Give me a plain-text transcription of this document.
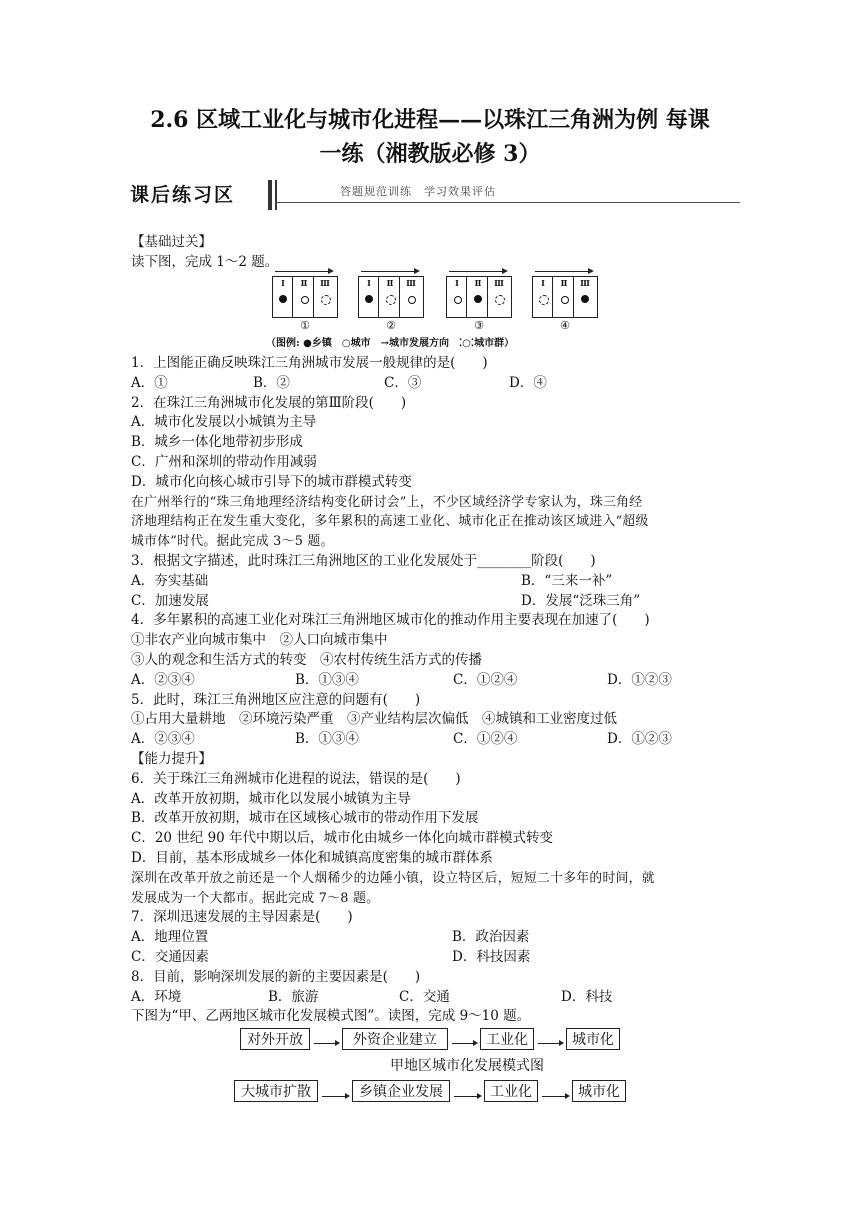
2.6 区域工业化与城市化进程——以珠江三角洲为例 每课
一练（湘教版必修 3）
课后练习区	答题规范训练　学习效果评估
【基础过关】
读下图，完成 1～2 题。
Ⅰ	Ⅱ	Ⅲ
①
Ⅰ	Ⅱ	Ⅲ
②
Ⅰ	Ⅱ	Ⅲ
③
Ⅰ	Ⅱ	Ⅲ
④
（图例: ●乡镇　○城市　→城市发展方向　⁚○⁚城市群）
1．上图能正确反映珠江三角洲城市发展一般规律的是(　　)
A．①	B．②	C．③	D．④
2．在珠江三角洲城市化发展的第Ⅲ阶段(　　)
A．城市化发展以小城镇为主导
B．城乡一体化地带初步形成
C．广州和深圳的带动作用减弱
D．城市化向核心城市引导下的城市群模式转变
在广州举行的“珠三角地理经济结构变化研讨会”上，不少区域经济学专家认为，珠三角经
济地理结构正在发生重大变化，多年累积的高速工业化、城市化正在推动该区域进入“超级
城市体”时代。据此完成 3～5 题。
3．根据文字描述，此时珠江三角洲地区的工业化发展处于________阶段(　　)
A．夯实基础	B．“三来一补”
C．加速发展	D．发展“泛珠三角”
4．多年累积的高速工业化对珠江三角洲地区城市化的推动作用主要表现在加速了(　　)
①非农产业向城市集中　②人口向城市集中
③人的观念和生活方式的转变　④农村传统生活方式的传播
A．②③④	B．①③④	C．①②④	D．①②③
5．此时，珠江三角洲地区应注意的问题有(　　)
①占用大量耕地　②环境污染严重　③产业结构层次偏低　④城镇和工业密度过低
A．②③④	B．①③④	C．①②④	D．①②③
【能力提升】
6．关于珠江三角洲城市化进程的说法，错误的是(　　)
A．改革开放初期，城市化以发展小城镇为主导
B．改革开放初期，城市在区域核心城市的带动作用下发展
C．20 世纪 90 年代中期以后，城市化由城乡一体化向城市群模式转变
D．目前，基本形成城乡一体化和城镇高度密集的城市群体系
深圳在改革开放之前还是一个人烟稀少的边陲小镇，设立特区后，短短二十多年的时间，就
发展成为一个大都市。据此完成 7～8 题。
7．深圳迅速发展的主导因素是(　　)
A．地理位置	B．政治因素
C．交通因素	D．科技因素
8．目前，影响深圳发展的新的主要因素是(　　)
A．环境	B．旅游	C．交通	D．科技
下图为“甲、乙两地区城市化发展模式图”。读图，完成 9～10 题。
对外开放	外资企业建立	工业化	城市化
甲地区城市化发展模式图
大城市扩散	乡镇企业发展	工业化	城市化
